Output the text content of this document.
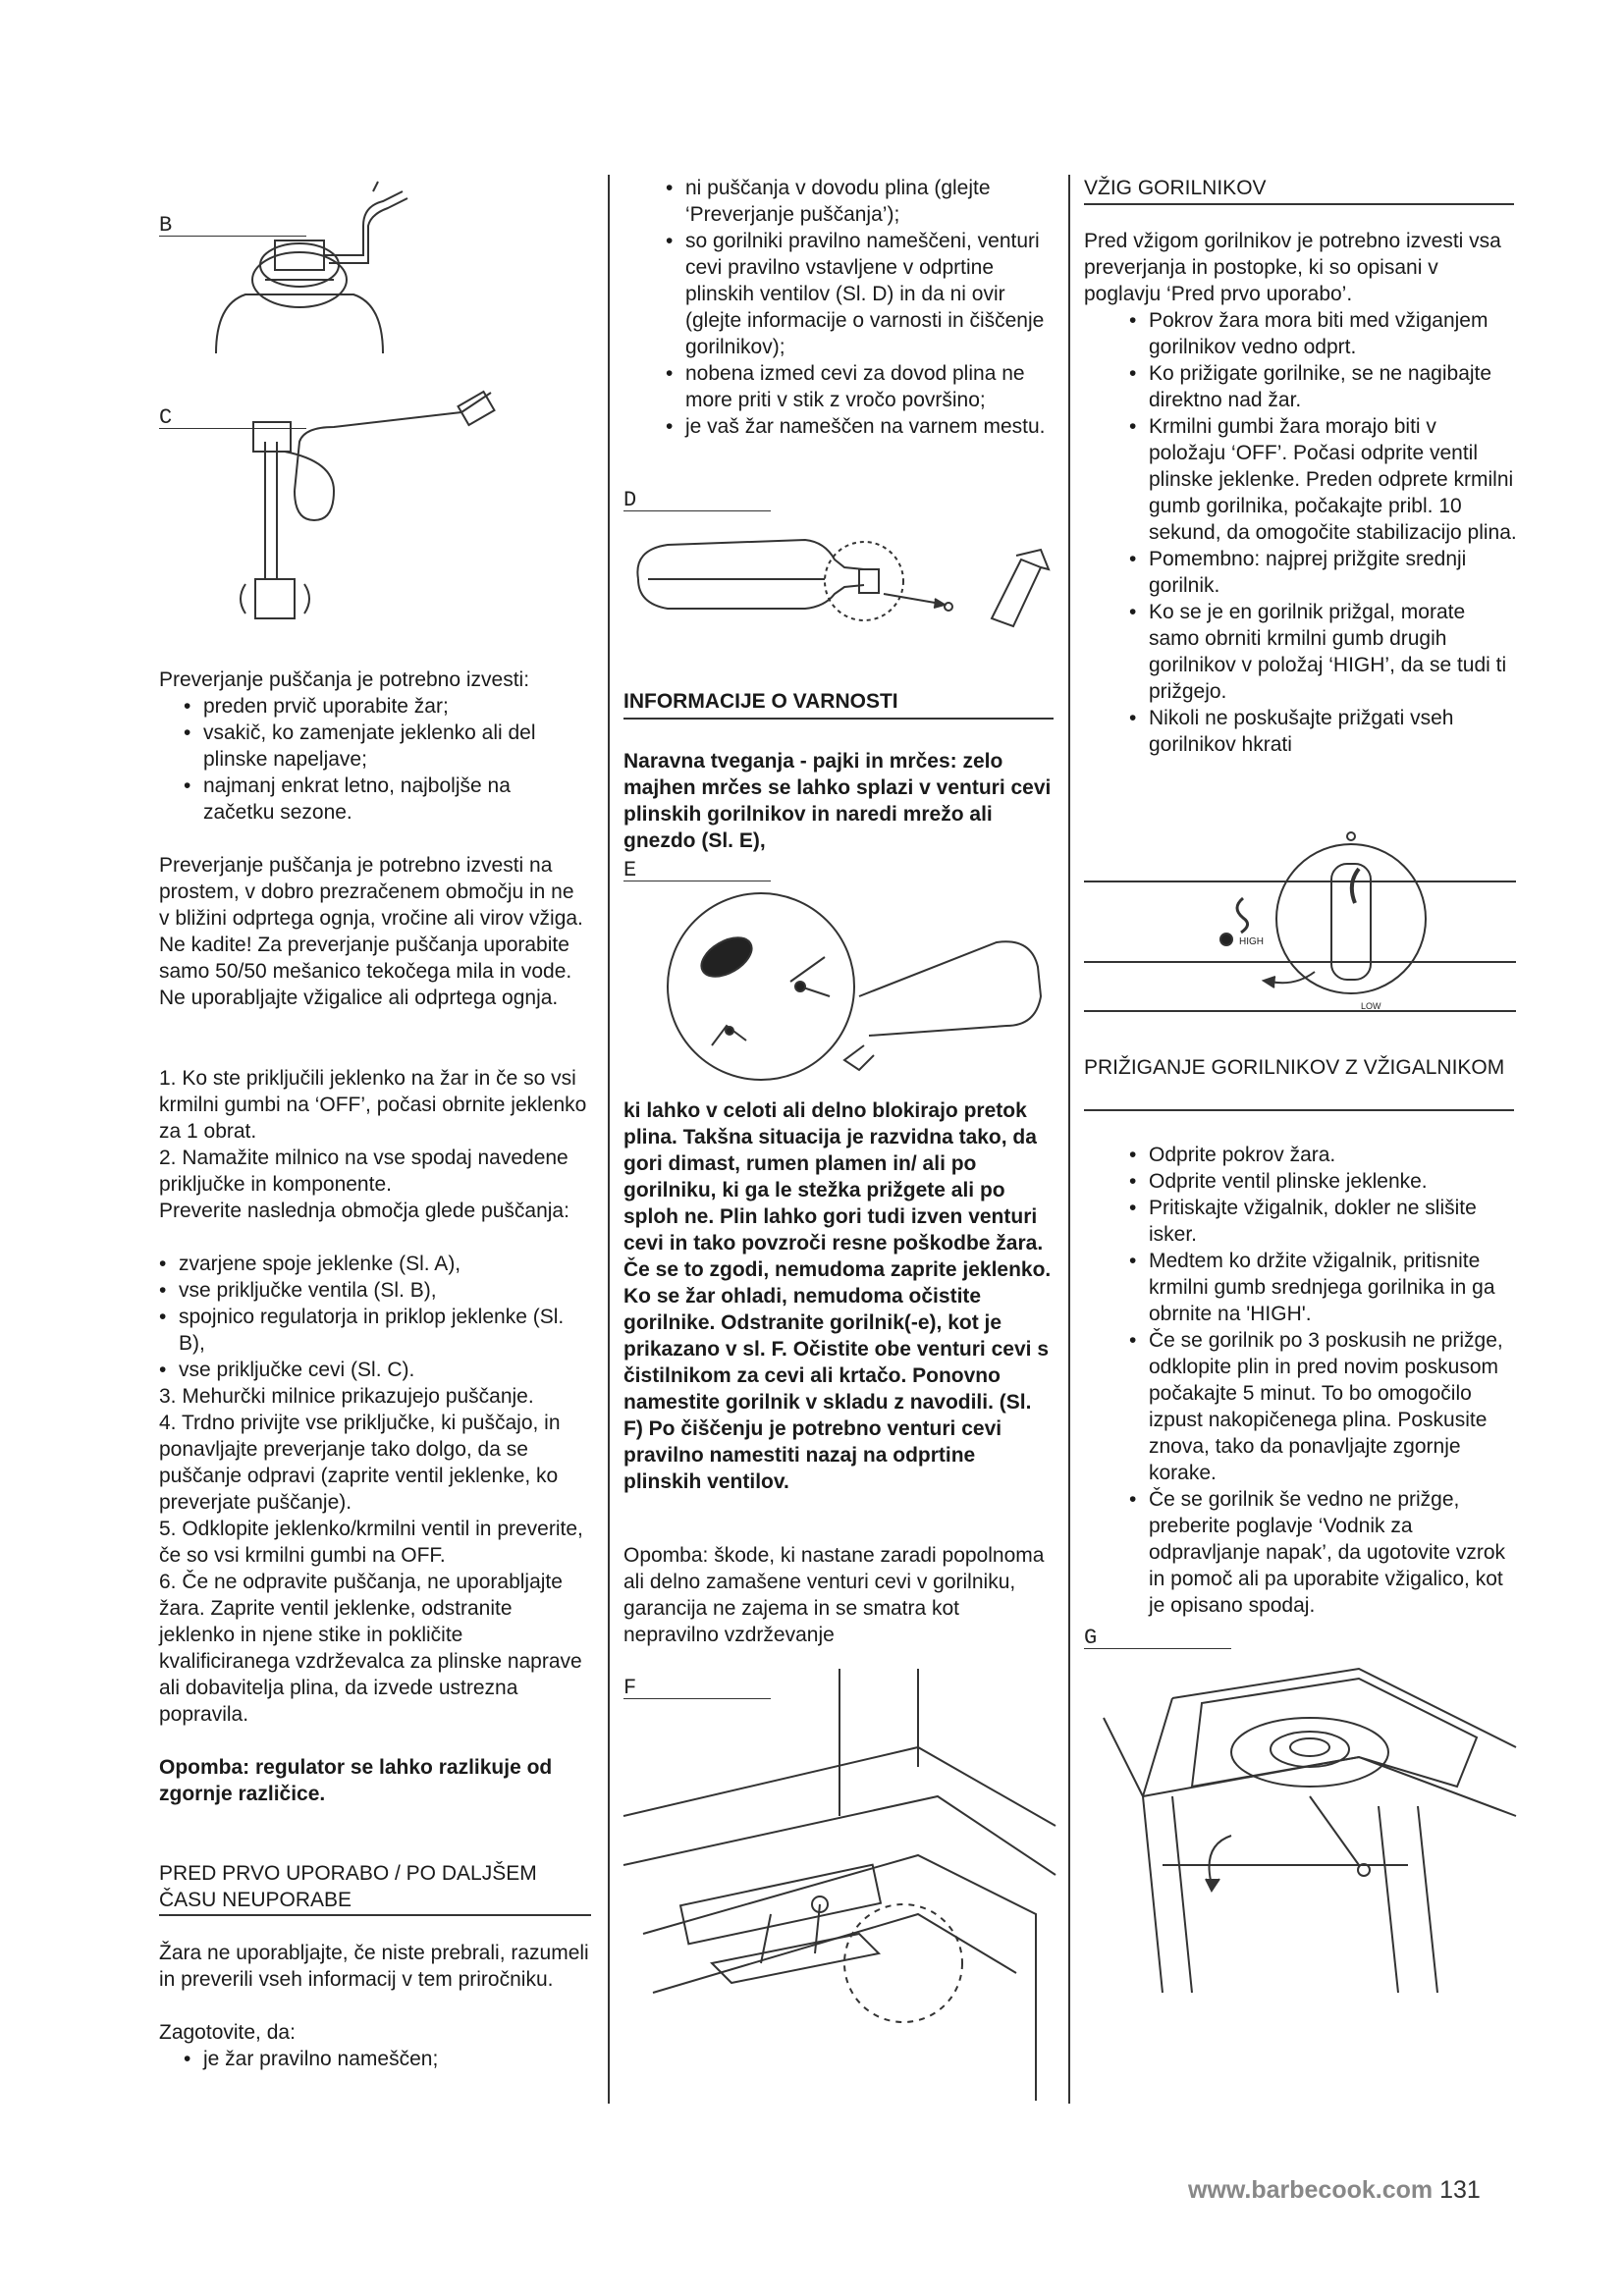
B
C

Preverjanje puščanja je potrebno izvesti:

• preden prvič uporabite žar;
• vsakič, ko zamenjate jeklenko ali del plinske napeljave;
• najmanj enkrat letno, najboljše na začetku sezone.

Preverjanje puščanja je potrebno izvesti na prostem, v dobro prezračenem območju in ne v bližini odprtega ognja, vročine ali virov vžiga. Ne kadite! Za preverjanje puščanja uporabite samo 50/50 mešanico tekočega mila in vode. Ne uporabljajte vžigalice ali odprtega ognja.

1. Ko ste priključili jeklenko na žar in če so vsi krmilni gumbi na ‘OFF’, počasi obrnite jeklenko za 1 obrat.

2. Namažite milnico na vse spodaj navedene priključke in komponente.

Preverite naslednja območja glede puščanja:

• zvarjene spoje jeklenke (Sl. A),
• vse priključke ventila (Sl. B),
• spojnico regulatorja in priklop jeklenke (Sl. B),
• vse priključke cevi (Sl. C).

3. Mehurčki milnice prikazujejo puščanje.

4. Trdno privijte vse priključke, ki puščajo, in ponavljajte preverjanje tako dolgo, da se puščanje odpravi (zaprite ventil jeklenke, ko preverjate puščanje).

5. Odklopite jeklenko/krmilni ventil in preverite, če so vsi krmilni gumbi na OFF.

6. Če ne odpravite puščanja, ne uporabljajte žara. Zaprite ventil jeklenke, odstranite jeklenko in njene stike in pokličite kvalificiranega vzdrževalca za plinske naprave ali dobavitelja plina, da izvede ustrezna popravila.

Opomba: regulator se lahko razlikuje od zgornje različice.

PRED PRVO UPORABO / PO DALJŠEM ČASU NEUPORABE

Žara ne uporabljajte, če niste prebrali, razumeli in preverili vseh informacij v tem priročniku.

Zagotovite, da:

• je žar pravilno nameščen;
• ni puščanja v dovodu plina (glejte ‘Preverjanje puščanja’);
• so gorilniki pravilno nameščeni, venturi cevi pravilno vstavljene v odprtine plinskih ventilov (Sl. D) in da ni ovir (glejte informacije o varnosti in čiščenje gorilnikov);
• nobena izmed cevi za dovod plina ne more priti v stik z vročo površino;
• je vaš žar nameščen na varnem mestu.
D
INFORMACIJE O VARNOSTI

Naravna tveganja - pajki in mrčes: zelo majhen mrčes se lahko splazi v venturi cevi plinskih gorilnikov in naredi mrežo ali gnezdo (Sl. E),

E

ki lahko v celoti ali delno blokirajo pretok plina. Takšna situacija je razvidna tako, da gori dimast, rumen plamen in/ ali po gorilniku, ki ga le stežka prižgete ali po sploh ne. Plin lahko gori tudi izven venturi cevi in tako povzroči resne poškodbe žara. Če se to zgodi, nemudoma zaprite jeklenko. Ko se žar ohladi, nemudoma očistite gorilnike. Odstranite gorilnik(-e), kot je prikazano v sl. F. Očistite obe venturi cevi s čistilnikom za cevi ali krtačo. Ponovno namestite gorilnik v skladu z navodili. (Sl. F) Po čiščenju je potrebno venturi cevi pravilno namestiti nazaj na odprtine plinskih ventilov.

Opomba: škode, ki nastane zaradi popolnoma ali delno zamašene venturi cevi v gorilniku, garancija ne zajema in se smatra kot nepravilno vzdrževanje

F
VŽIG GORILNIKOV

Pred vžigom gorilnikov je potrebno izvesti vsa preverjanja in postopke, ki so opisani v poglavju ‘Pred prvo uporabo’.

• Pokrov žara mora biti med vžiganjem gorilnikov vedno odprt.
• Ko prižigate gorilnike, se ne nagibajte direktno nad žar.
• Krmilni gumbi žara morajo biti v položaju ‘OFF’. Počasi odprite ventil plinske jeklenke. Preden odprete krmilni gumb gorilnika, počakajte pribl. 10 sekund, da omogočite stabilizacijo plina.
• Pomembno: najprej prižgite srednji gorilnik.
• Ko se je en gorilnik prižgal, morate samo obrniti krmilni gumb drugih gorilnikov v položaj ‘HIGH’, da se tudi ti prižgejo.
• Nikoli ne poskušajte prižgati vseh gorilnikov hkrati
HIGH
LOW
PRIŽIGANJE GORILNIKOV Z VŽIGALNIKOM
• Odprite pokrov žara.
• Odprite ventil plinske jeklenke.
• Pritiskajte vžigalnik, dokler ne slišite isker.
• Medtem ko držite vžigalnik, pritisnite krmilni gumb srednjega gorilnika in ga obrnite na 'HIGH'.
• Če se gorilnik po 3 poskusih ne prižge, odklopite plin in pred novim poskusom počakajte 5 minut. To bo omogočilo izpust nakopičenega plina. Poskusite znova, tako da ponavljajte zgornje korake.
• Če se gorilnik še vedno ne prižge, preberite poglavje ‘Vodnik za odpravljanje napak’, da ugotovite vzrok in pomoč ali pa uporabite vžigalico, kot je opisano spodaj.
G
www.barbecook.com 131
